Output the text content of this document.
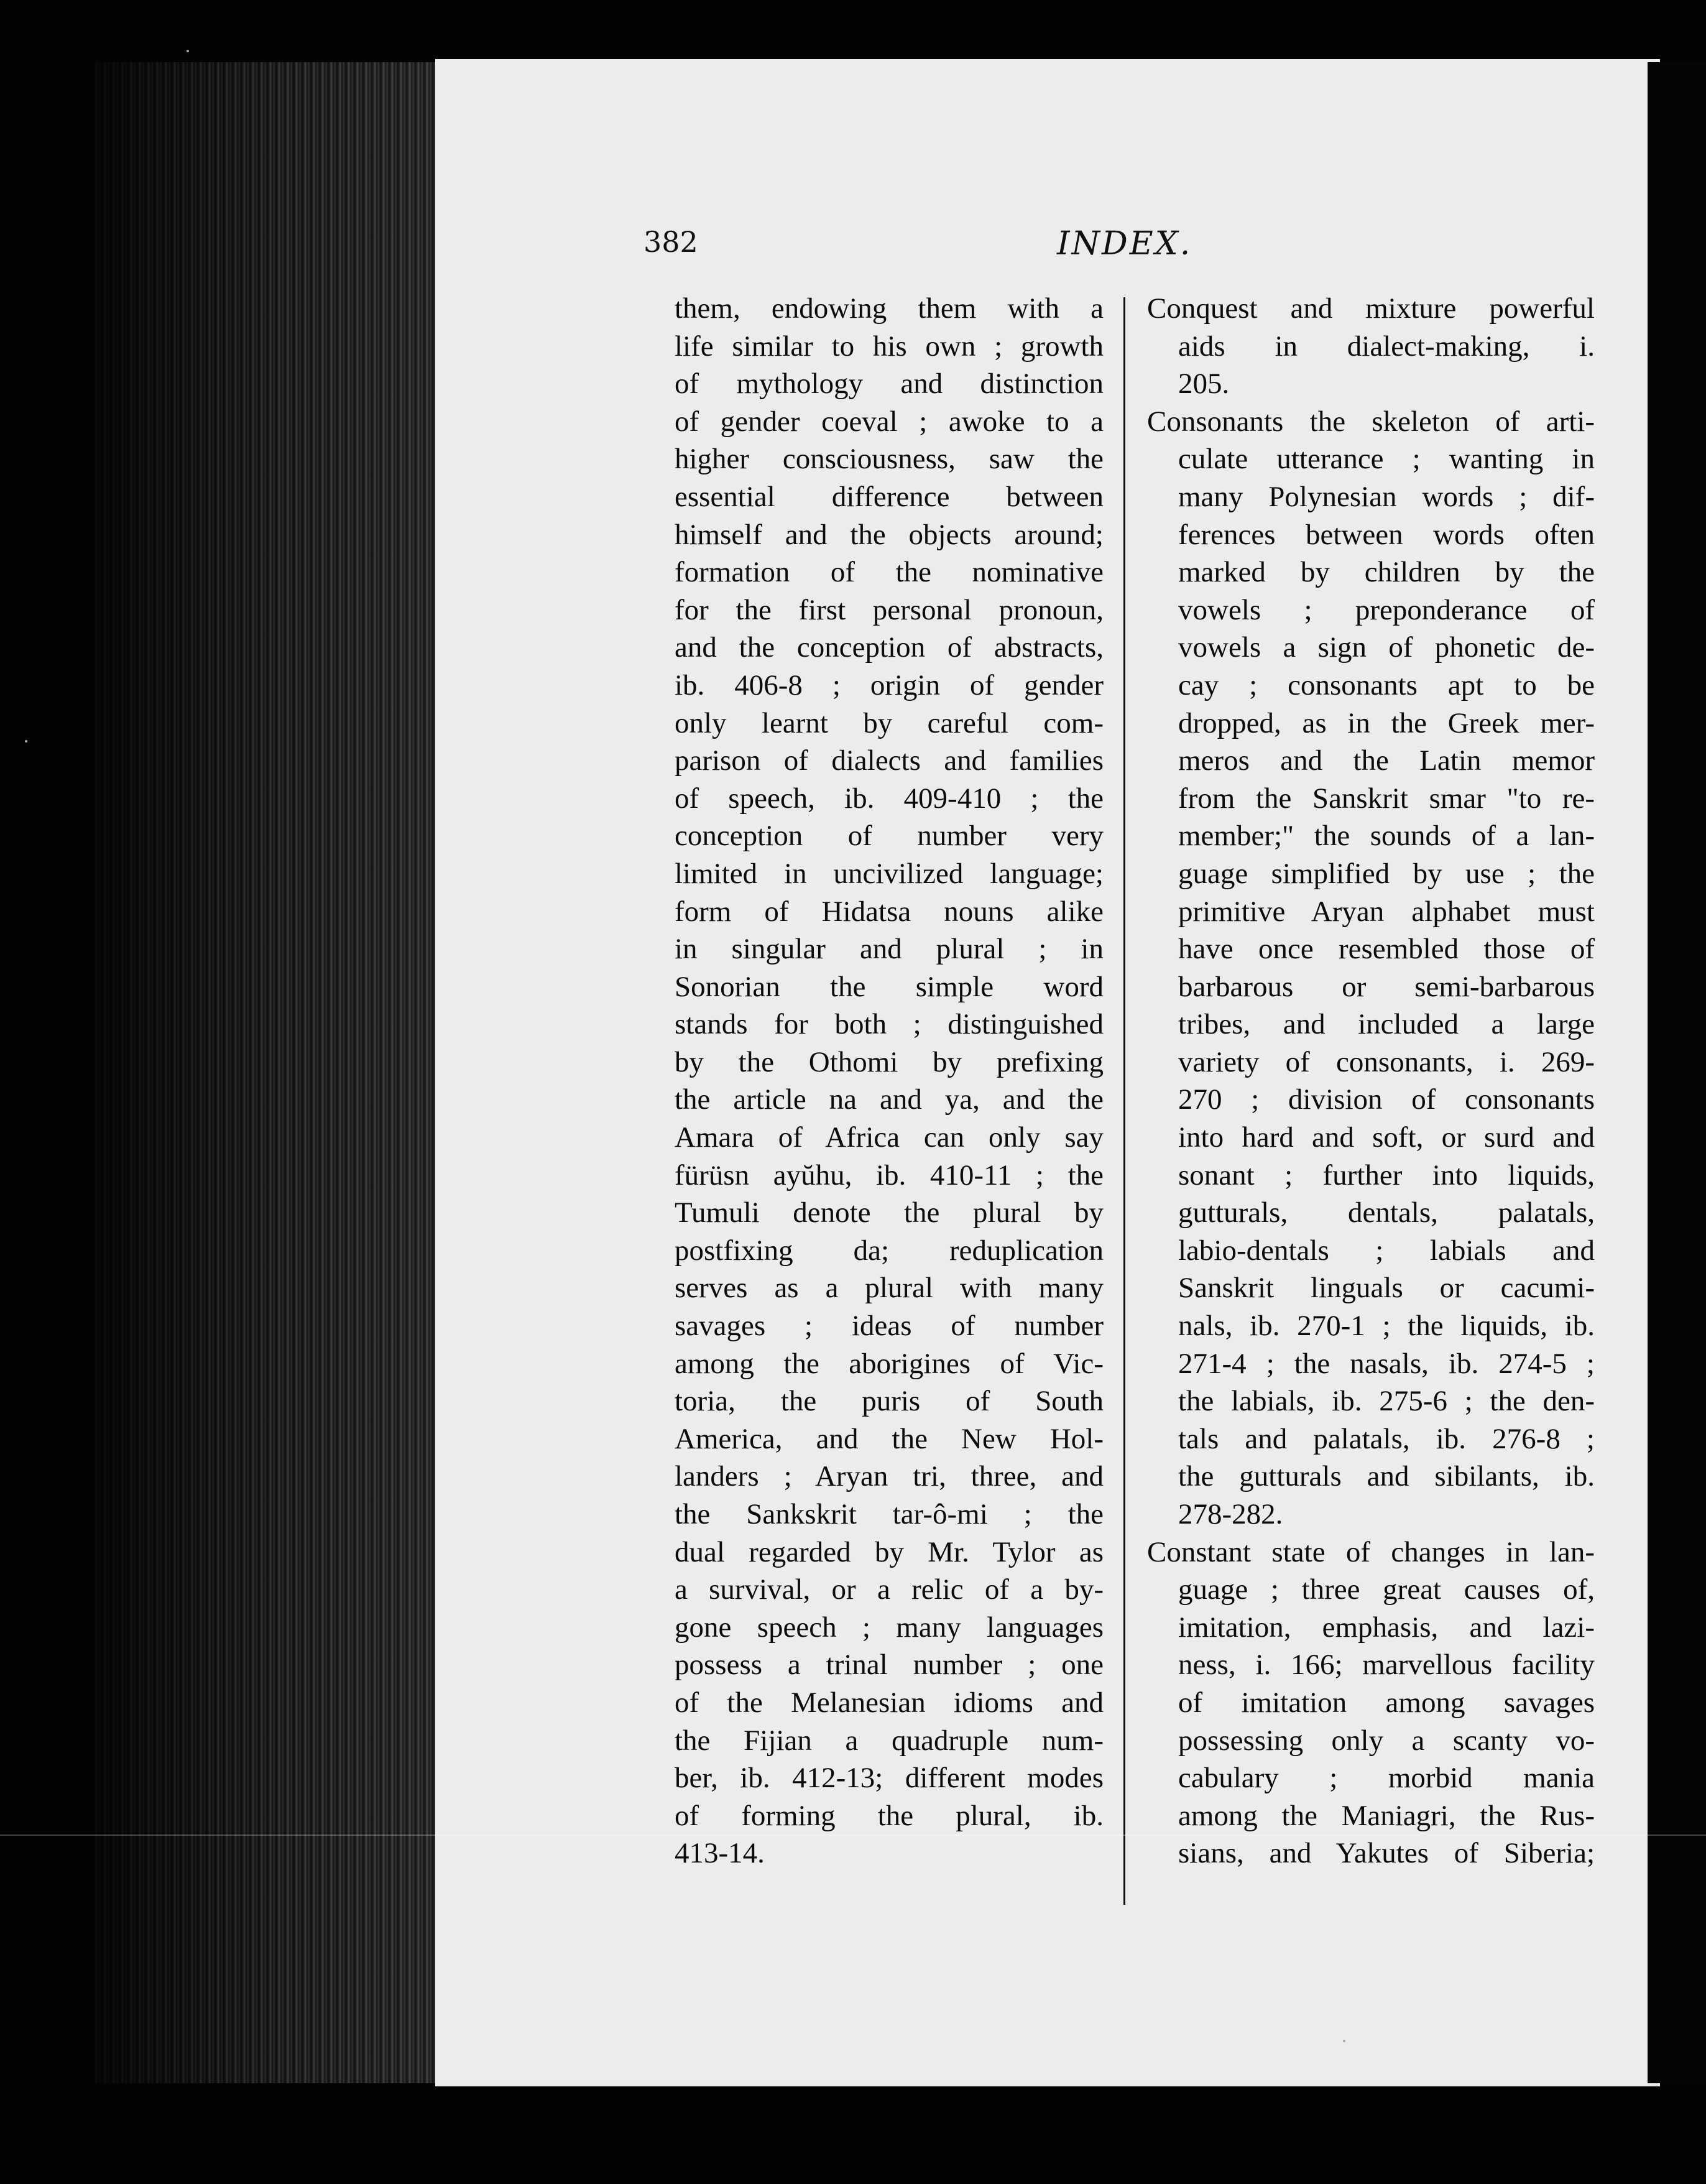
382	INDEX.
them, endowing them with a
life similar to his own ; growth
of mythology and distinction
of gender coeval ; awoke to a
higher consciousness, saw the
essential difference between
himself and the objects around;
formation of the nominative
for the first personal pronoun,
and the conception of abstracts,
ib. 406-8 ; origin of gender
only learnt by careful com-
parison of dialects and families
of speech, ib. 409-410 ; the
conception of number very
limited in uncivilized language;
form of Hidatsa nouns alike
in singular and plural ; in
Sonorian the simple word
stands for both ; distinguished
by the Othomi by prefixing
the article na and ya, and the
Amara of Africa can only say
fürüsn ayŭhu, ib. 410-11 ; the
Tumuli denote the plural by
postfixing da; reduplication
serves as a plural with many
savages ; ideas of number
among the aborigines of Vic-
toria, the puris of South
America, and the New Hol-
landers ; Aryan tri, three, and
the Sankskrit tar-ô-mi ; the
dual regarded by Mr. Tylor as
a survival, or a relic of a by-
gone speech ; many languages
possess a trinal number ; one
of the Melanesian idioms and
the Fijian a quadruple num-
ber, ib. 412-13; different modes
of forming the plural, ib.
413-14.
Conquest and mixture powerful
aids in dialect-making, i.
205.
Consonants the skeleton of arti-
culate utterance ; wanting in
many Polynesian words ; dif-
ferences between words often
marked by children by the
vowels ; preponderance of
vowels a sign of phonetic de-
cay ; consonants apt to be
dropped, as in the Greek mer-
meros and the Latin memor
from the Sanskrit smar "to re-
member;" the sounds of a lan-
guage simplified by use ; the
primitive Aryan alphabet must
have once resembled those of
barbarous or semi-barbarous
tribes, and included a large
variety of consonants, i. 269-
270 ; division of consonants
into hard and soft, or surd and
sonant ; further into liquids,
gutturals, dentals, palatals,
labio-dentals ; labials and
Sanskrit linguals or cacumi-
nals, ib. 270-1 ; the liquids, ib.
271-4 ; the nasals, ib. 274-5 ;
the labials, ib. 275-6 ; the den-
tals and palatals, ib. 276-8 ;
the gutturals and sibilants, ib.
278-282.
Constant state of changes in lan-
guage ; three great causes of,
imitation, emphasis, and lazi-
ness, i. 166; marvellous facility
of imitation among savages
possessing only a scanty vo-
cabulary ; morbid mania
among the Maniagri, the Rus-
sians, and Yakutes of Siberia;
